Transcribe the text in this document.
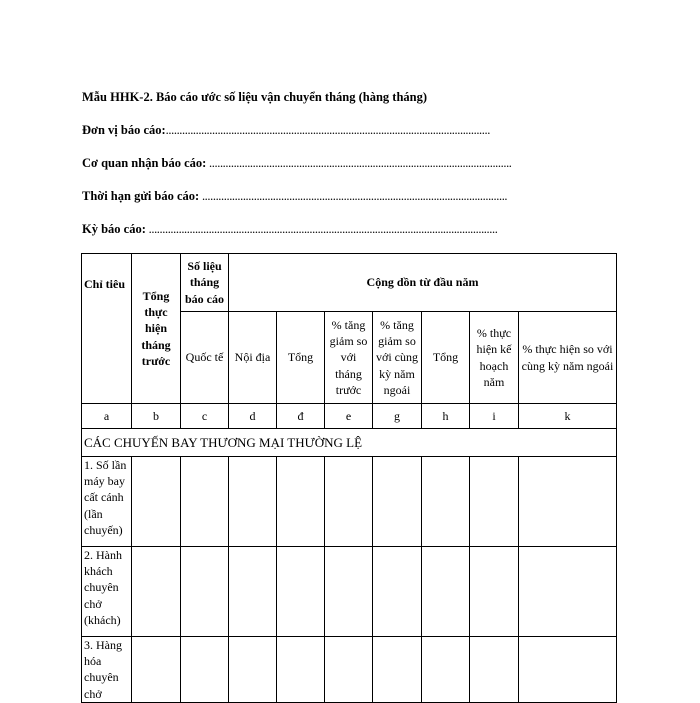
Mẫu HHK-2. Báo cáo ước số liệu vận chuyển tháng (hàng tháng)
Đơn vị báo cáo:.......................................................................................................................
Cơ quan nhận báo cáo: ...............................................................................................................
Thời hạn gửi báo cáo: ................................................................................................................
Kỳ báo cáo: ................................................................................................................................
Chỉ tiêu	Tổng thực hiện tháng trước	Số liệu tháng báo cáo	Cộng dồn từ đầu năm						
		Quốc tế	Nội địa	Tổng	% tăng giảm so với tháng trước	% tăng giảm so với cùng kỳ năm ngoái	Tổng	% thực hiện kế hoạch năm	% thực hiện so với cùng kỳ năm ngoái
a	b	c	d	đ	e	g	h	i	k
CÁC CHUYẾN BAY THƯƠNG MẠI THƯỜNG LỆ									
1. Số lần máy bay cất cánh (lần chuyến)									
2. Hành khách chuyên chở (khách)									
3. Hàng hóa chuyên chở									
